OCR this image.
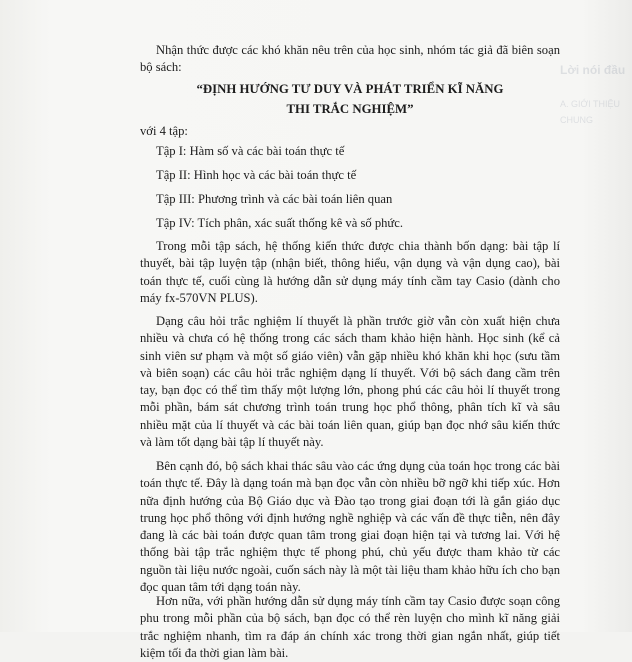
Lời nói đầu
A. GIỚI THIỆU CHUNG

Nhận thức được các khó khăn nêu trên của học sinh, nhóm tác giả đã biên soạn bộ sách:

“ĐỊNH HƯỚNG TƯ DUY VÀ PHÁT TRIỂN KĨ NĂNG
THI TRẮC NGHIỆM”
với 4 tập:
Tập I: Hàm số và các bài toán thực tế
Tập II: Hình học và các bài toán thực tế
Tập III: Phương trình và các bài toán liên quan
Tập IV: Tích phân, xác suất thống kê và số phức.

Trong mỗi tập sách, hệ thống kiến thức được chia thành bốn dạng: bài tập lí thuyết, bài tập luyện tập (nhận biết, thông hiểu, vận dụng và vận dụng cao), bài toán thực tế, cuối cùng là hướng dẫn sử dụng máy tính cầm tay Casio (dành cho máy fx-570VN PLUS).

Dạng câu hỏi trắc nghiệm lí thuyết là phần trước giờ vẫn còn xuất hiện chưa nhiều và chưa có hệ thống trong các sách tham khảo hiện hành. Học sinh (kể cả sinh viên sư phạm và một số giáo viên) vẫn gặp nhiều khó khăn khi học (sưu tầm và biên soạn) các câu hỏi trắc nghiệm dạng lí thuyết. Với bộ sách đang cầm trên tay, bạn đọc có thể tìm thấy một lượng lớn, phong phú các câu hỏi lí thuyết trong mỗi phần, bám sát chương trình toán trung học phổ thông, phân tích kĩ và sâu nhiều mặt của lí thuyết và các bài toán liên quan, giúp bạn đọc nhớ sâu kiến thức và làm tốt dạng bài tập lí thuyết này.

Bên cạnh đó, bộ sách khai thác sâu vào các ứng dụng của toán học trong các bài toán thực tế. Đây là dạng toán mà bạn đọc vẫn còn nhiều bỡ ngỡ khi tiếp xúc. Hơn nữa định hướng của Bộ Giáo dục và Đào tạo trong giai đoạn tới là gắn giáo dục trung học phổ thông với định hướng nghề nghiệp và các vấn đề thực tiễn, nên đây đang là các bài toán được quan tâm trong giai đoạn hiện tại và tương lai. Với hệ thống bài tập trắc nghiệm thực tế phong phú, chủ yếu được tham khảo từ các nguồn tài liệu nước ngoài, cuốn sách này là một tài liệu tham khảo hữu ích cho bạn đọc quan tâm tới dạng toán này.

Hơn nữa, với phần hướng dẫn sử dụng máy tính cầm tay Casio được soạn công phu trong mỗi phần của bộ sách, bạn đọc có thể rèn luyện cho mình kĩ năng giải trắc nghiệm nhanh, tìm ra đáp án chính xác trong thời gian ngắn nhất, giúp tiết kiệm tối đa thời gian làm bài.
